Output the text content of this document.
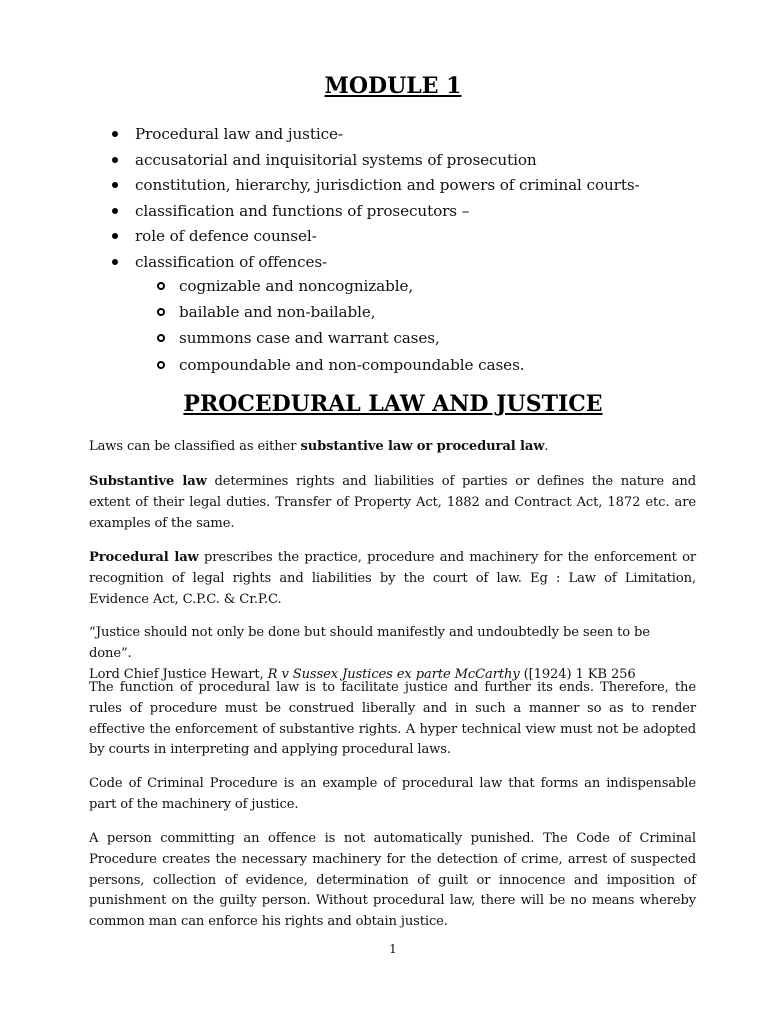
MODULE 1
Procedural law and justice-
accusatorial and inquisitorial systems of prosecution
constitution, hierarchy, jurisdiction and powers of criminal courts-
classification and functions of prosecutors –
role of defence counsel-
classification of offences-
cognizable and noncognizable,
bailable and non-bailable,
summons case and warrant cases,
compoundable and non-compoundable cases.
PROCEDURAL LAW AND JUSTICE

Laws can be classified as either substantive law or procedural law.

Substantive law determines rights and liabilities of parties or defines the nature and extent of their legal duties. Transfer of Property Act, 1882 and Contract Act, 1872 etc. are examples of the same.

Procedural law prescribes the practice, procedure and machinery for the enforcement or recognition of legal rights and liabilities by the court of law. Eg : Law of Limitation, Evidence Act, C.P.C. & Cr.P.C.

“Justice should not only be done but should manifestly and undoubtedly be seen to be done”.
Lord Chief Justice Hewart, R v Sussex Justices ex parte McCarthy ([1924) 1 KB 256

The function of procedural law is to facilitate justice and further its ends. Therefore, the rules of procedure must be construed liberally and in such a manner so as to render effective the enforcement of substantive rights. A hyper technical view must not be adopted by courts in interpreting and applying procedural laws.

Code of Criminal Procedure is an example of procedural law that forms an indispensable part of the machinery of justice.

A person committing an offence is not automatically punished. The Code of Criminal Procedure creates the necessary machinery for the detection of crime, arrest of suspected persons, collection of evidence, determination of guilt or innocence and imposition of punishment on the guilty person. Without procedural law, there will be no means whereby common man can enforce his rights and obtain justice.

1
